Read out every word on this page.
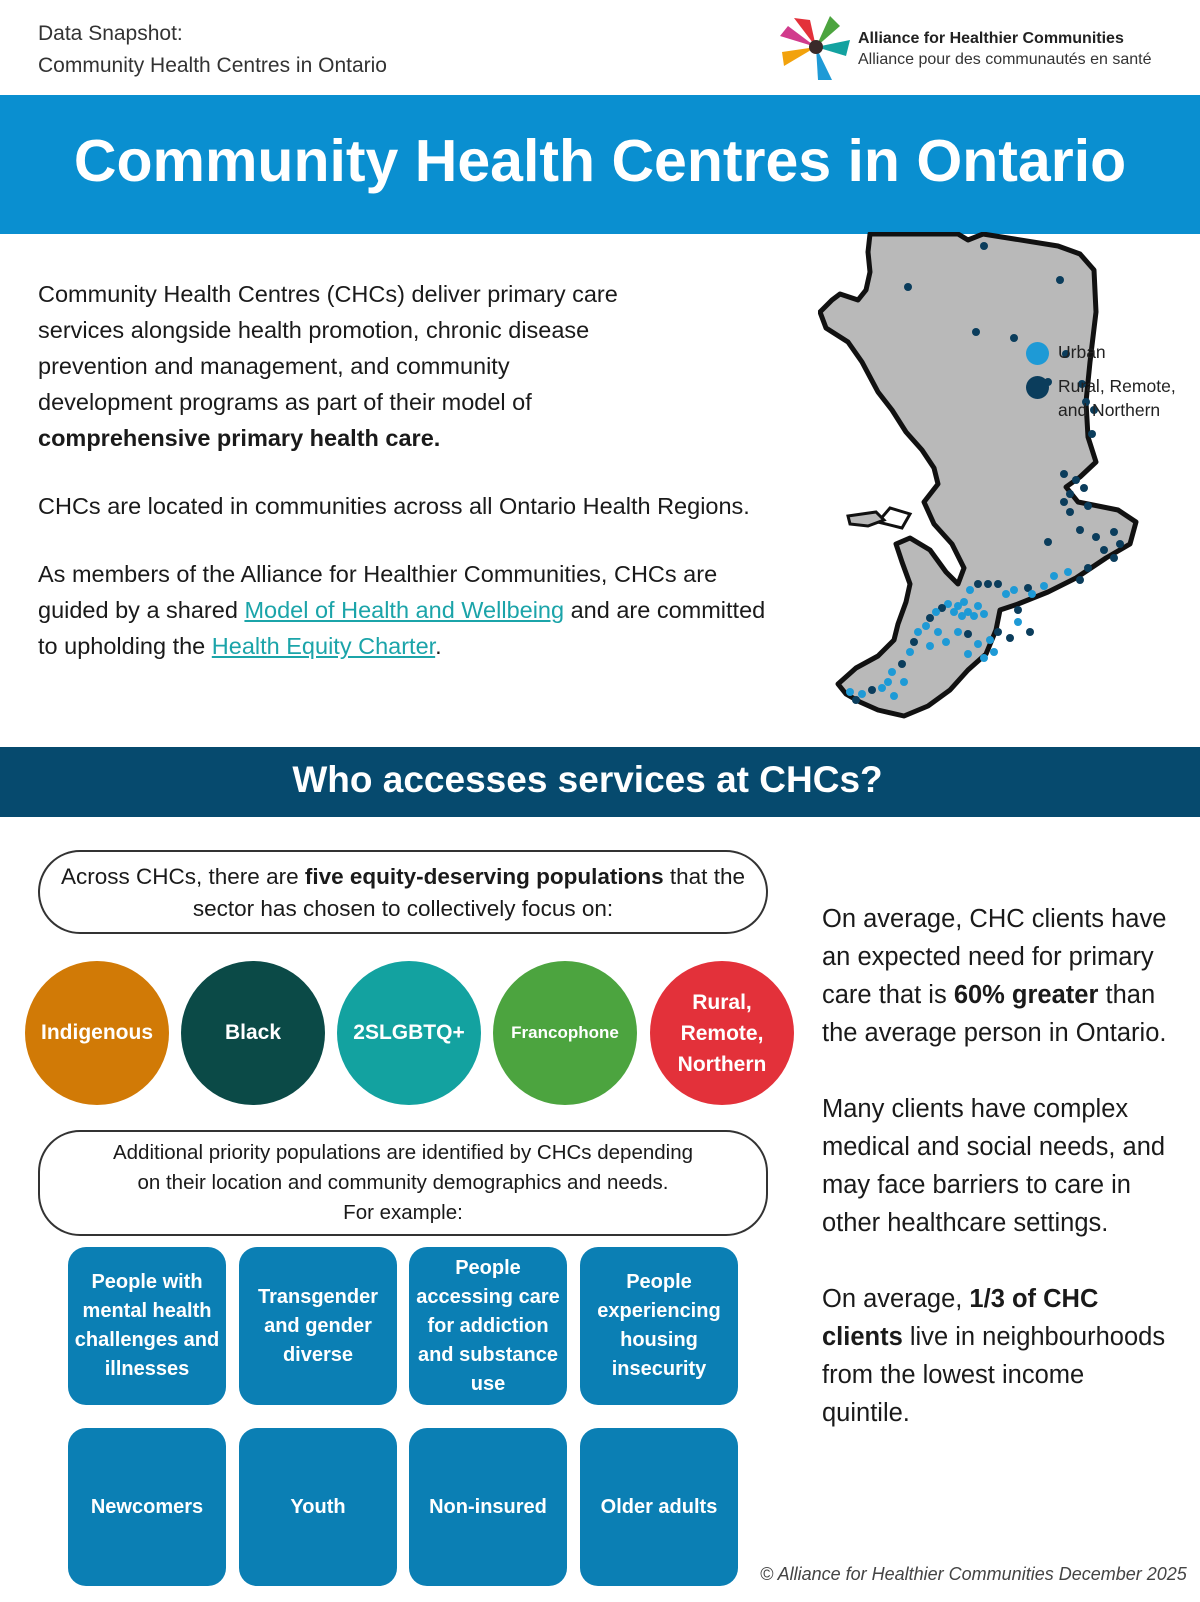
Data Snapshot:
Community Health Centres in Ontario
Alliance for Healthier Communities
Alliance pour des communautés en santé
Community Health Centres in Ontario

Community Health Centres (CHCs) deliver primary care services alongside health promotion, chronic disease prevention and management, and community development programs as part of their model of comprehensive primary health care.

CHCs are located in communities across all Ontario Health Regions.

As members of the Alliance for Healthier Communities, CHCs are guided by a shared Model of Health and Wellbeing and are committed to upholding the Health Equity Charter.

Urban
Rural, Remote,
and Northern
Who accesses services at CHCs?
Across CHCs, there are five equity-deserving populations that the sector has chosen to collectively focus on:
Indigenous	Black	2SLGBTQ+	Francophone
Rural,
Remote,
Northern
Additional priority populations are identified by CHCs depending
on their location and community demographics and needs.
For example:
People with mental health challenges and illnesses
Transgender and gender diverse
People accessing care for addiction and substance use
People experiencing housing insecurity
Newcomers	Youth	Non-insured	Older adults

On average, CHC clients have an expected need for primary care that is 60% greater than the average person in Ontario.

Many clients have complex medical and social needs, and may face barriers to care in other healthcare settings.

On average, 1/3 of CHC clients live in neighbourhoods from the lowest income quintile.

© Alliance for Healthier Communities December 2025
